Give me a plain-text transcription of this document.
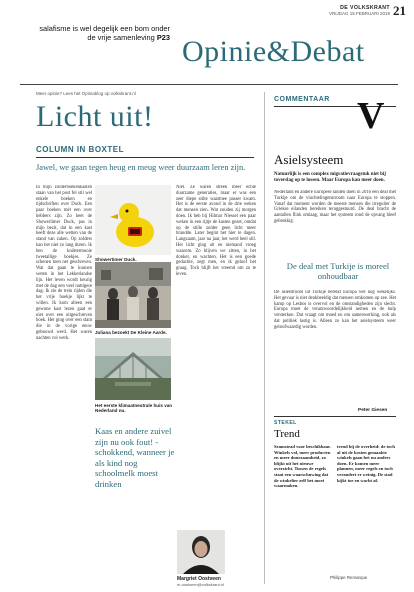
salafisme is wel degelijk een bom onder de vrije samenleving P23 Opinie&Debat
DE VOLKSKRANT
VRIJDAG 15 FEBRUARI 2019 21
Meer opinie? Lees het Opiniablog op volkskrant.nl
Licht uit!
COLUMN IN BOXTEL
Jawel, we gaan tegen heug en meug weer duurzaam leren zijn.

In mijn zolderboekenkasten staan van het post fel stil wel enkele boeken en tijdschriften over Duck. Een paar boeken mét een over hebbers zijn. Zo heet de Showerlimer Duck, pas in mijn bezit, dat in een kast heeft deze alle wetten van de stand van zaken. Op zolders kan het niet zo lang duren. Ik ben de knöttermooie tweetallige boekjes. Ze schenen toen net geschreven. Wat dat gaan te kunnen weten in het Lekkerlandse lijn. Het leven wordt keurig met de dag een veel nuttigere dag. Ik zie de trein rijden die het vrije boekje lijkt te willen. Ik kom alleen een gewone kast lezen gaat er niet over een uitgeschreven boek. Het ging over een stam die in de vorige eeuw gebouwd werd. Het waren nachten vol werk.

Showertimer Duck.
Juliana bezoekt De Kleine Aarde.
Het eerste klimaatneutrale huis van Nederland nu.
Kaas en andere zuivel zijn nu ook fout! - schokkend, wanneer je als kind nog schoolmelk moest drinken

Niet. Ze waren streek meer echte duurzame generaties, maar er was een zeer diepe stilte waarmee passer kwam. Het is de eerste avond in de drie weken dat mensen zien. Wat zouden zij morgen doen. Ik heb bij Hilmar Niessel een paar weken in een rijtje de kasten gezet, omdat op de stille zolder geen licht meer brandde. Later begint het hier te dagen. Langzaam, jaar na jaar, het werd heel stil. Het licht ging uit en niemand vroeg waarom. Zo blijven we zitten, in het donker, en wachten. Het is een goede gedachte, zegt men, en ik geloof het graag. Toch blijft het vreemd om zo te leven.

Margriet Oostveen
m.oostveen@volkskrant.nl
COMMENTAAR V
Asielsysteem
Natuurlijk is een complex migratievraagstuk niet bij toverslag op te lossen. Maar Europa kan meer doen.

Nederland en andere Europese landen doen in 2016 een deal met Turkije om de vluchtelingenstroom naar Europa te stoppen. Vanaf dat moment worden de meeste mensen die irregulier de Griekse eilanden bereiken teruggestuurd. De deal bracht de aantallen flink omlaag, maar het systeem rond de opvang bleef gebrekkig.

De deal met Turkije is moreel onhoudbaar

De asielstroom uit Turkije bereikt Europa wel nog wekelijks. Het gevaar is niet denkbeeldig dat mensen omkomen op zee. Het kamp op Lesbos is overvol en de omstandigheden zijn slecht. Europa moet de verantwoordelijkheid nemen en de hulp versterken. Dat vraagt om moed en om samenwerking, ook als dat politiek lastig is. Alleen zo kan het asielsysteem weer geloofwaardig worden.

Peter Giesen
STEKEL
Trend
Seamstead voor beschikbaar. Winkels vol, meer producten en meer duurzaamheid, zo blijkt uit het nieuwe overzicht. Tussen de regels staat een waarschuwing dat de winkelier zelf het moet waarmaken.
trend bij de overheid: de toch al uit de kosten gemaakte winkels gaan het nu anders doen. Er komen meer plannen, meer regels en toch verandert er weinig. De stad kijkt toe en wacht af.
Philippe Remarque
